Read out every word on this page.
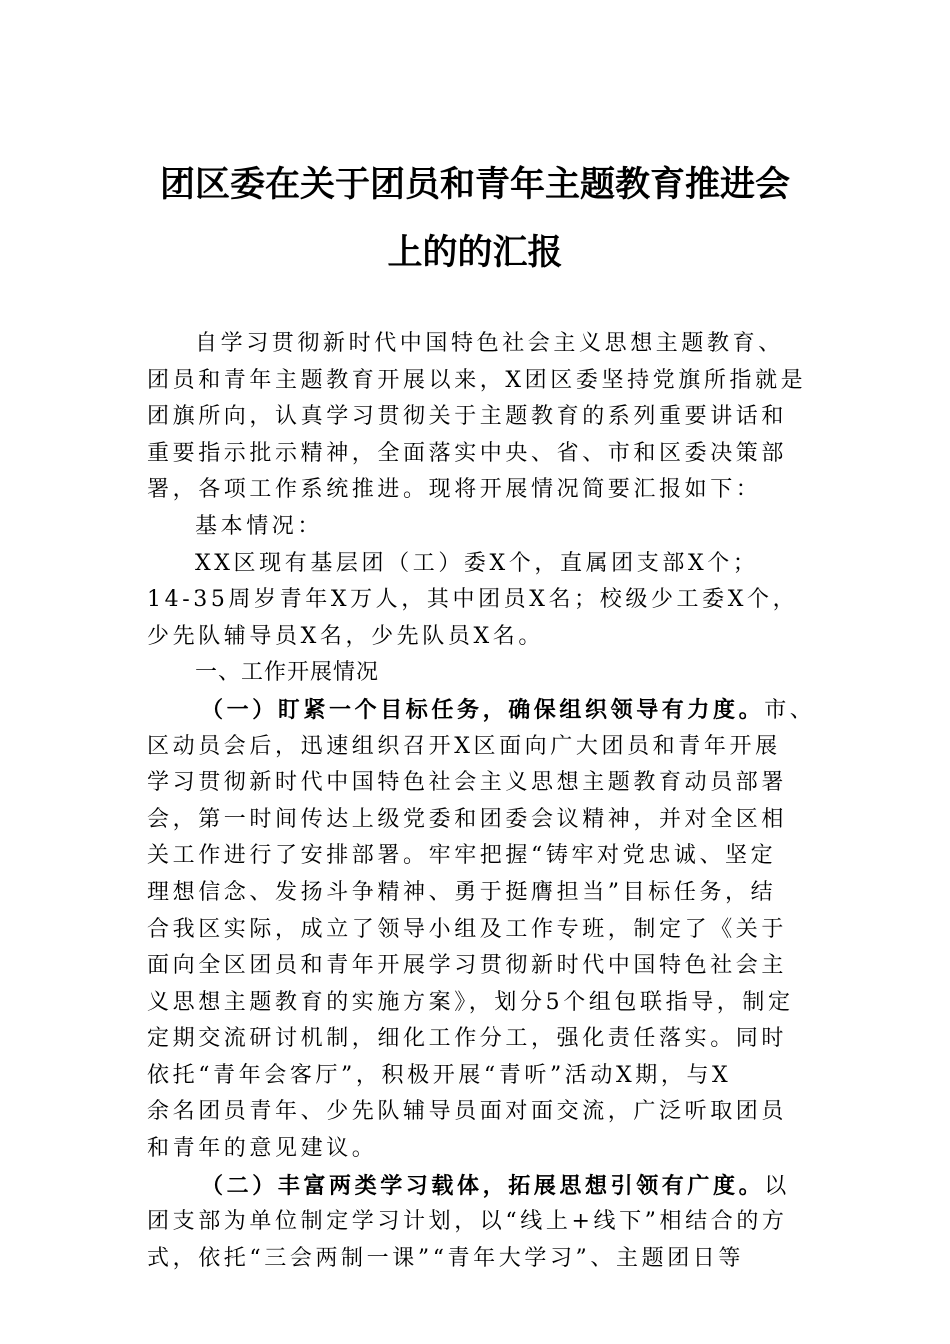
团区委在关于团员和青年主题教育推进会
上的的汇报
自学习贯彻新时代中国特色社会主义思想主题教育、
团员和青年主题教育开展以来，X团区委坚持党旗所指就是
团旗所向，认真学习贯彻关于主题教育的系列重要讲话和
重要指示批示精神，全面落实中央、省、市和区委决策部
署，各项工作系统推进。现将开展情况简要汇报如下：
基本情况：
XX区现有基层团（工）委X个，直属团支部X个；
14-35周岁青年X万人，其中团员X名；校级少工委X个，
少先队辅导员X名，少先队员X名。
一、工作开展情况
（一）盯紧一个目标任务，确保组织领导有力度。市、
区动员会后，迅速组织召开X区面向广大团员和青年开展
学习贯彻新时代中国特色社会主义思想主题教育动员部署
会，第一时间传达上级党委和团委会议精神，并对全区相
关工作进行了安排部署。牢牢把握“铸牢对党忠诚、坚定
理想信念、发扬斗争精神、勇于挺膺担当”目标任务，结
合我区实际，成立了领导小组及工作专班，制定了《关于
面向全区团员和青年开展学习贯彻新时代中国特色社会主
义思想主题教育的实施方案》，划分5个组包联指导，制定
定期交流研讨机制，细化工作分工，强化责任落实。同时
依托“青年会客厅”，积极开展“青听”活动X期，与X
余名团员青年、少先队辅导员面对面交流，广泛听取团员
和青年的意见建议。
（二）丰富两类学习载体，拓展思想引领有广度。以
团支部为单位制定学习计划，以“线上+线下”相结合的方
式，依托“三会两制一课”“青年大学习”、主题团日等
